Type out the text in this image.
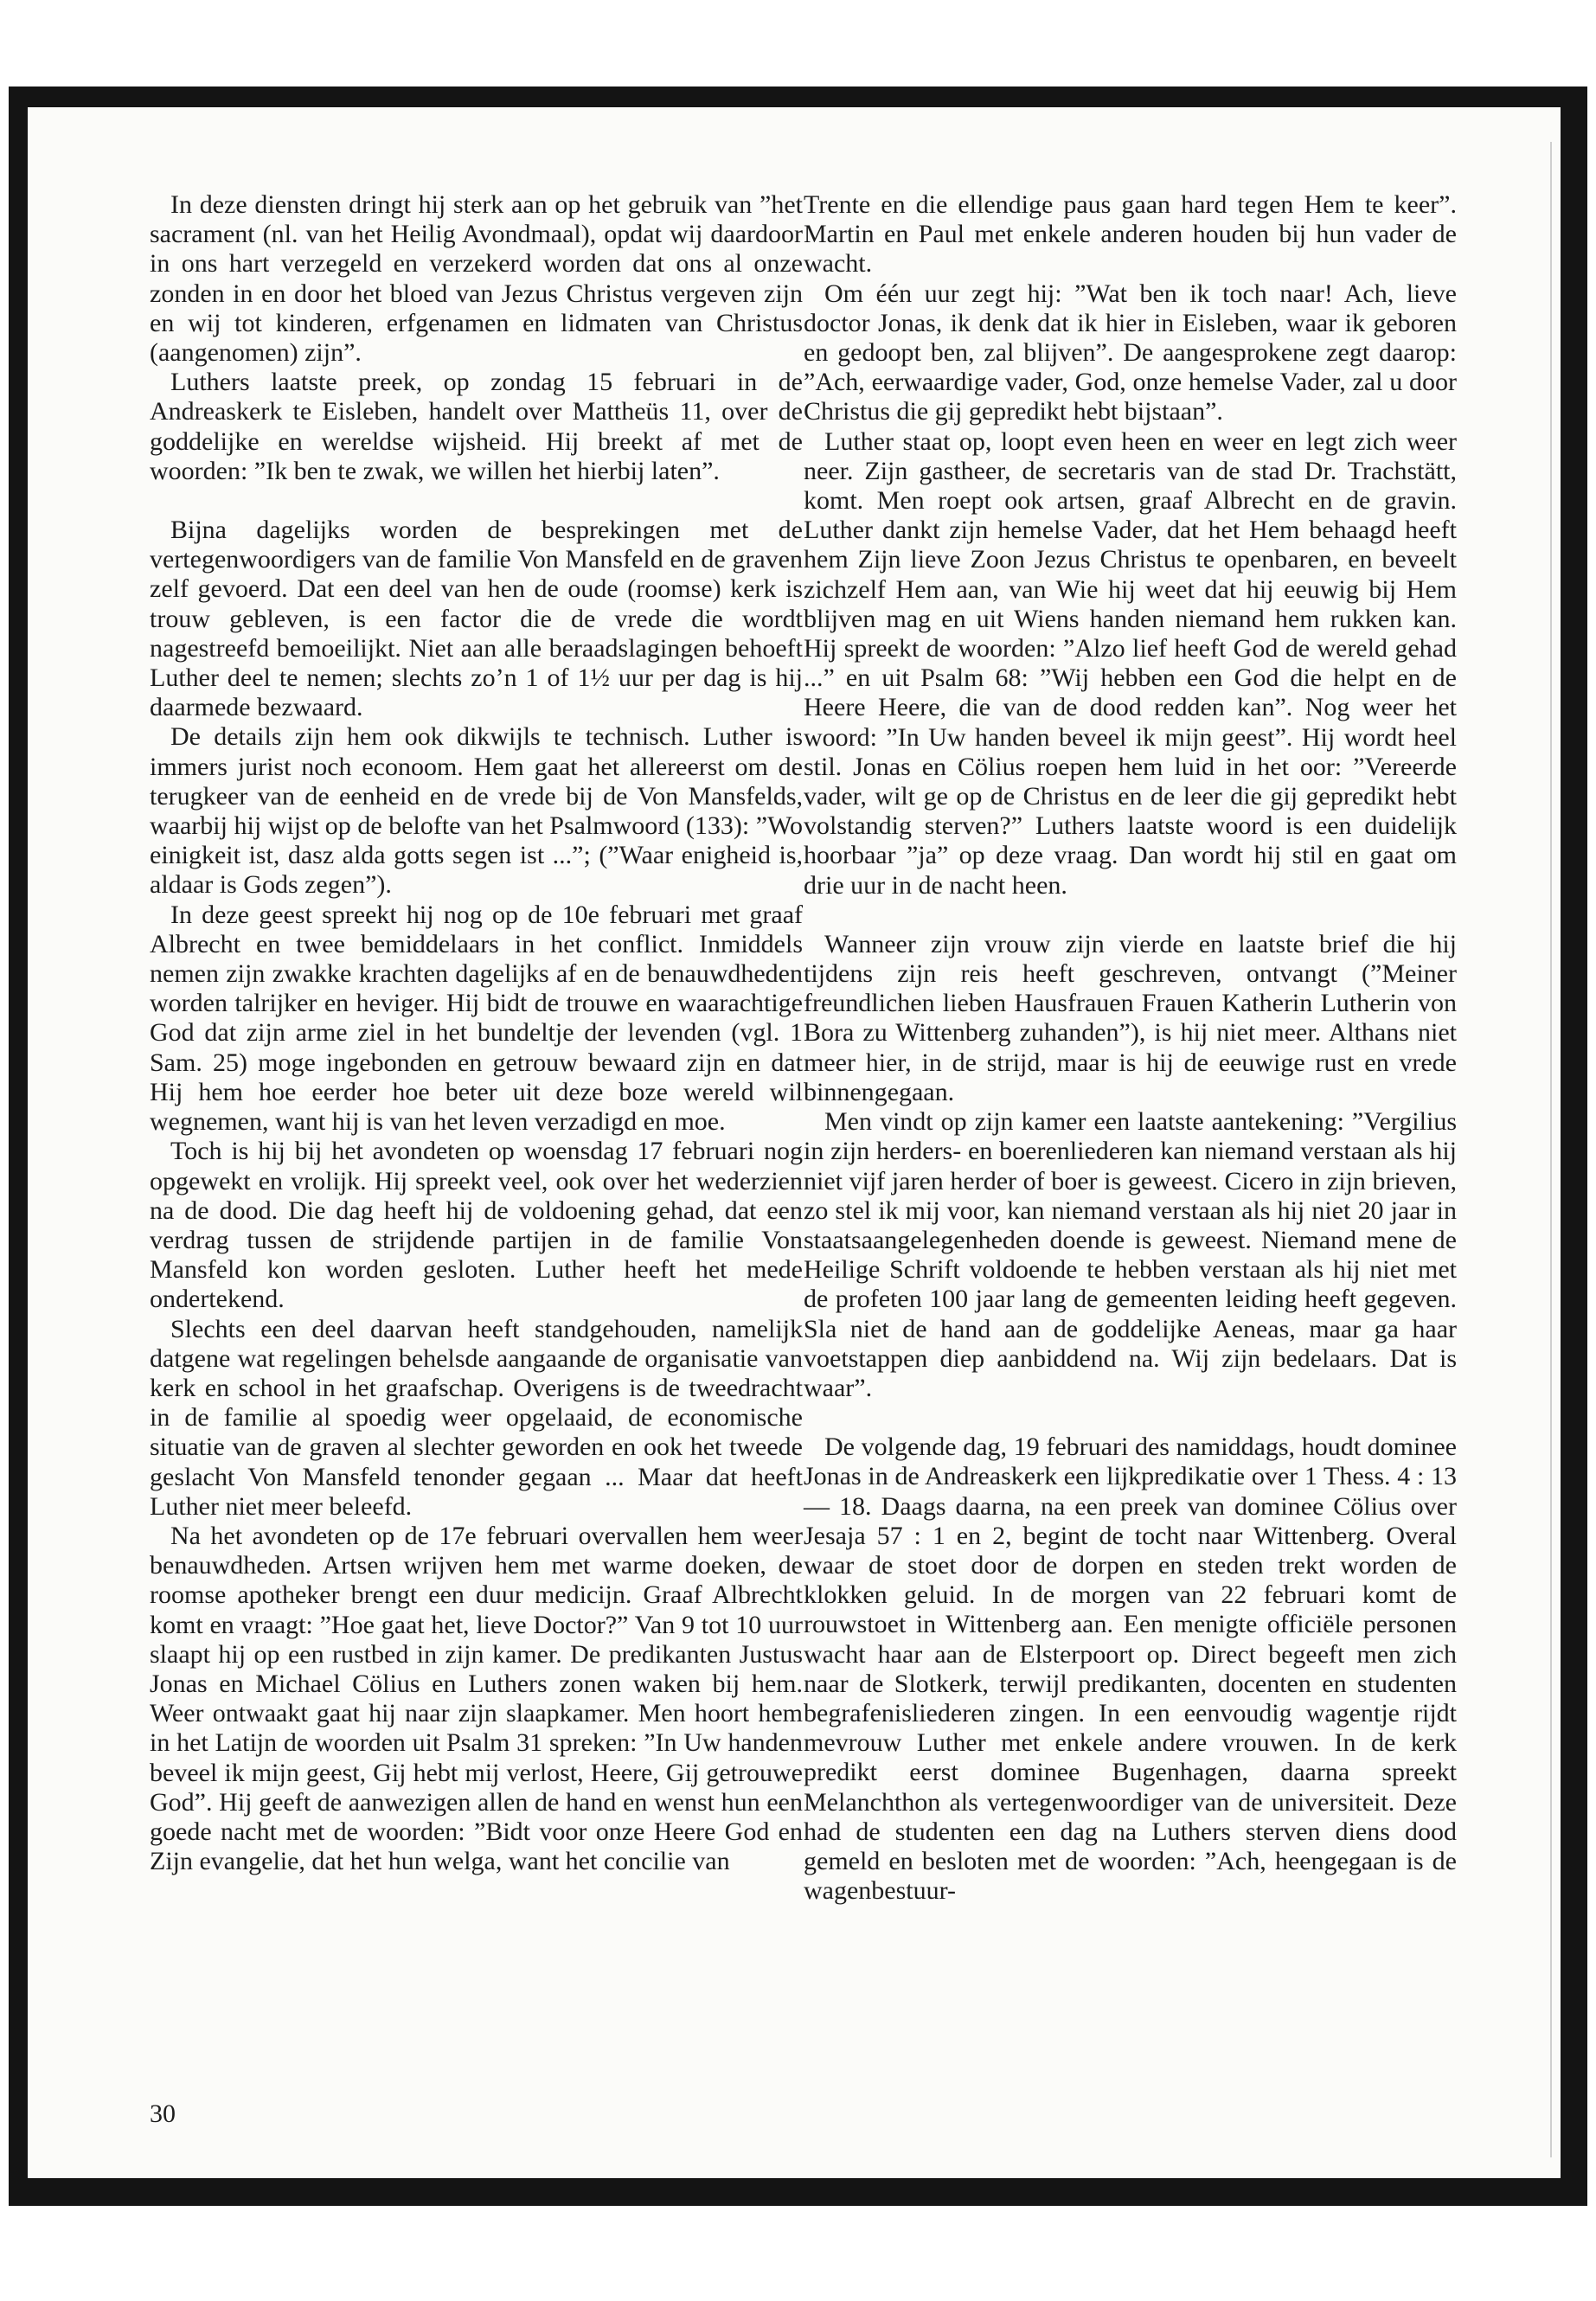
In deze diensten dringt hij sterk aan op het gebruik van ”het sacrament (nl. van het Heilig Avondmaal), opdat wij daardoor in ons hart verzegeld en verzekerd worden dat ons al onze zonden in en door het bloed van Jezus Christus vergeven zijn en wij tot kinderen, erfgenamen en lidmaten van Christus (aangenomen) zijn”.

Luthers laatste preek, op zondag 15 februari in de Andreaskerk te Eisleben, handelt over Mattheüs 11, over de goddelijke en wereldse wijsheid. Hij breekt af met de woorden: ”Ik ben te zwak, we willen het hierbij laten”.

Bijna dagelijks worden de besprekingen met de vertegenwoordigers van de familie Von Mansfeld en de graven zelf gevoerd. Dat een deel van hen de oude (roomse) kerk is trouw gebleven, is een factor die de vrede die wordt nagestreefd bemoeilijkt. Niet aan alle beraadslagingen behoeft Luther deel te nemen; slechts zo’n 1 of 1½ uur per dag is hij daarmede bezwaard.

De details zijn hem ook dikwijls te technisch. Luther is immers jurist noch econoom. Hem gaat het allereerst om de terugkeer van de eenheid en de vrede bij de Von Mansfelds, waarbij hij wijst op de belofte van het Psalmwoord (133): ”Wo einigkeit ist, dasz alda gotts segen ist ...”; (”Waar enigheid is, aldaar is Gods zegen”).

In deze geest spreekt hij nog op de 10e februari met graaf Albrecht en twee bemiddelaars in het conflict. Inmiddels nemen zijn zwakke krachten dagelijks af en de benauwdheden worden talrijker en heviger. Hij bidt de trouwe en waarachtige God dat zijn arme ziel in het bundeltje der levenden (vgl. 1 Sam. 25) moge ingebonden en getrouw bewaard zijn en dat Hij hem hoe eerder hoe beter uit deze boze wereld wil wegnemen, want hij is van het leven verzadigd en moe.

Toch is hij bij het avondeten op woensdag 17 februari nog opgewekt en vrolijk. Hij spreekt veel, ook over het wederzien na de dood. Die dag heeft hij de voldoening gehad, dat een verdrag tussen de strijdende partijen in de familie Von Mansfeld kon worden gesloten. Luther heeft het mede ondertekend.

Slechts een deel daarvan heeft standgehouden, namelijk datgene wat regelingen behelsde aangaande de organisatie van kerk en school in het graafschap. Overigens is de tweedracht in de familie al spoedig weer opgelaaid, de economische situatie van de graven al slechter geworden en ook het tweede geslacht Von Mansfeld tenonder gegaan ... Maar dat heeft Luther niet meer beleefd.

Na het avondeten op de 17e februari overvallen hem weer benauwdheden. Artsen wrijven hem met warme doeken, de roomse apotheker brengt een duur medicijn. Graaf Albrecht komt en vraagt: ”Hoe gaat het, lieve Doctor?” Van 9 tot 10 uur slaapt hij op een rustbed in zijn kamer. De predikanten Justus Jonas en Michael Cölius en Luthers zonen waken bij hem. Weer ontwaakt gaat hij naar zijn slaapkamer. Men hoort hem in het Latijn de woorden uit Psalm 31 spreken: ”In Uw handen beveel ik mijn geest, Gij hebt mij verlost, Heere, Gij getrouwe God”. Hij geeft de aanwezigen allen de hand en wenst hun een goede nacht met de woorden: ”Bidt voor onze Heere God en Zijn evangelie, dat het hun welga, want het concilie van

Trente en die ellendige paus gaan hard tegen Hem te keer”. Martin en Paul met enkele anderen houden bij hun vader de wacht.

Om één uur zegt hij: ”Wat ben ik toch naar! Ach, lieve doctor Jonas, ik denk dat ik hier in Eisleben, waar ik geboren en gedoopt ben, zal blijven”. De aangesprokene zegt daarop: ”Ach, eerwaardige vader, God, onze hemelse Vader, zal u door Christus die gij gepredikt hebt bijstaan”.

Luther staat op, loopt even heen en weer en legt zich weer neer. Zijn gastheer, de secretaris van de stad Dr. Trachstätt, komt. Men roept ook artsen, graaf Albrecht en de gravin. Luther dankt zijn hemelse Vader, dat het Hem behaagd heeft hem Zijn lieve Zoon Jezus Christus te openbaren, en beveelt zichzelf Hem aan, van Wie hij weet dat hij eeuwig bij Hem blijven mag en uit Wiens handen niemand hem rukken kan. Hij spreekt de woorden: ”Alzo lief heeft God de wereld gehad ...” en uit Psalm 68: ”Wij hebben een God die helpt en de Heere Heere, die van de dood redden kan”. Nog weer het woord: ”In Uw handen beveel ik mijn geest”. Hij wordt heel stil. Jonas en Cölius roepen hem luid in het oor: ”Vereerde vader, wilt ge op de Christus en de leer die gij gepredikt hebt volstandig sterven?” Luthers laatste woord is een duidelijk hoorbaar ”ja” op deze vraag. Dan wordt hij stil en gaat om drie uur in de nacht heen.

Wanneer zijn vrouw zijn vierde en laatste brief die hij tijdens zijn reis heeft geschreven, ontvangt (”Meiner freundlichen lieben Hausfrauen Frauen Katherin Lutherin von Bora zu Wittenberg zuhanden”), is hij niet meer. Althans niet meer hier, in de strijd, maar is hij de eeuwige rust en vrede binnengegaan.

Men vindt op zijn kamer een laatste aantekening: ”Vergilius in zijn herders- en boerenliederen kan niemand verstaan als hij niet vijf jaren herder of boer is geweest. Cicero in zijn brieven, zo stel ik mij voor, kan niemand verstaan als hij niet 20 jaar in staatsaangelegenheden doende is geweest. Niemand mene de Heilige Schrift voldoende te hebben verstaan als hij niet met de profeten 100 jaar lang de gemeenten leiding heeft gegeven. Sla niet de hand aan de goddelijke Aeneas, maar ga haar voetstappen diep aanbiddend na. Wij zijn bedelaars. Dat is waar”.

De volgende dag, 19 februari des namiddags, houdt dominee Jonas in de Andreaskerk een lijkpredikatie over 1 Thess. 4 : 13 — 18. Daags daarna, na een preek van dominee Cölius over Jesaja 57 : 1 en 2, begint de tocht naar Wittenberg. Overal waar de stoet door de dorpen en steden trekt worden de klokken geluid. In de morgen van 22 februari komt de rouwstoet in Wittenberg aan. Een menigte officiële personen wacht haar aan de Elsterpoort op. Direct begeeft men zich naar de Slotkerk, terwijl predikanten, docenten en studenten begrafenisliederen zingen. In een eenvoudig wagentje rijdt mevrouw Luther met enkele andere vrouwen. In de kerk predikt eerst dominee Bugenhagen, daarna spreekt Melanchthon als vertegenwoordiger van de universiteit. Deze had de studenten een dag na Luthers sterven diens dood gemeld en besloten met de woorden: ”Ach, heengegaan is de wagenbestuur-

30
